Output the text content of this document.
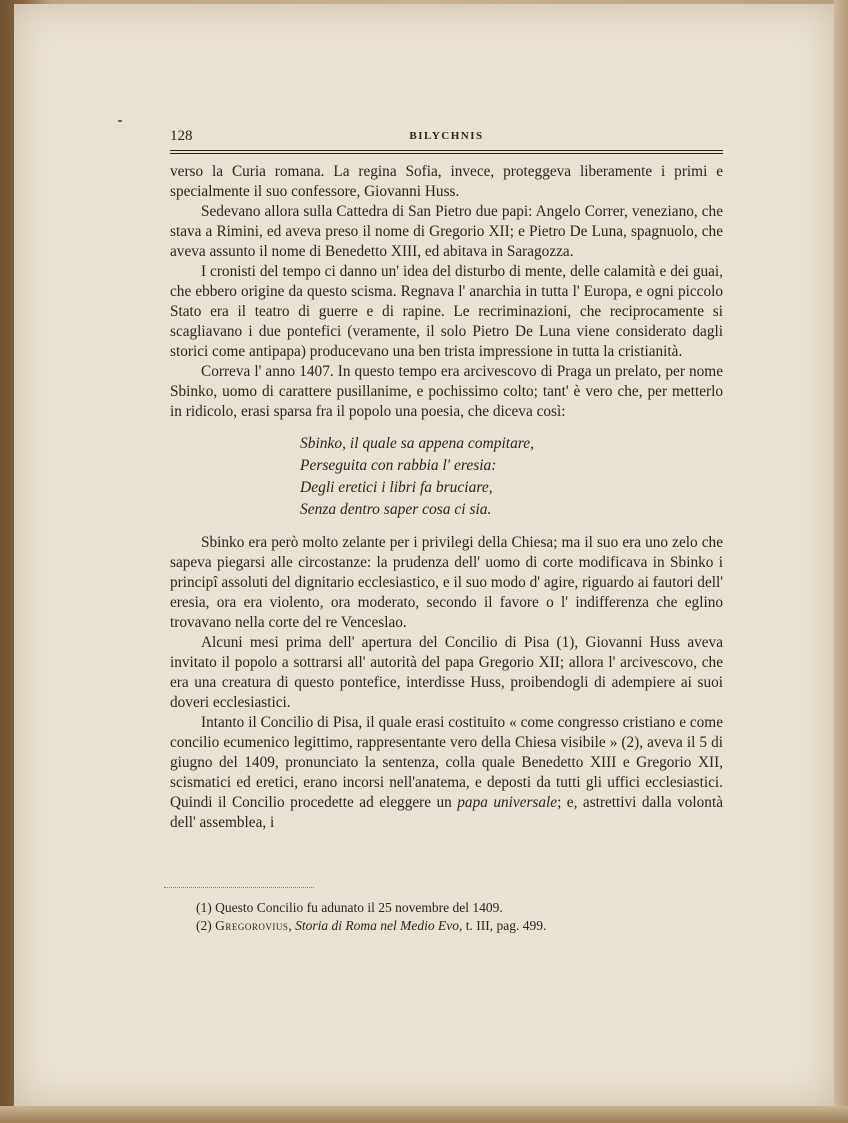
128	BILYCHNIS

verso la Curia romana. La regina Sofia, invece, proteggeva liberamente i primi e specialmente il suo confessore, Giovanni Huss.

Sedevano allora sulla Cattedra di San Pietro due papi: Angelo Correr, veneziano, che stava a Rimini, ed aveva preso il nome di Gregorio XII; e Pietro De Luna, spagnuolo, che aveva assunto il nome di Benedetto XIII, ed abitava in Saragozza.

I cronisti del tempo ci danno un' idea del disturbo di mente, delle calamità e dei guai, che ebbero origine da questo scisma. Regnava l' anarchia in tutta l' Europa, e ogni piccolo Stato era il teatro di guerre e di rapine. Le recriminazioni, che reciprocamente si scagliavano i due pontefici (veramente, il solo Pietro De Luna viene considerato dagli storici come antipapa) producevano una ben trista impressione in tutta la cristianità.

Correva l' anno 1407. In questo tempo era arcivescovo di Praga un prelato, per nome Sbinko, uomo di carattere pusillanime, e pochissimo colto; tant' è vero che, per metterlo in ridicolo, erasi sparsa fra il popolo una poesia, che diceva così:

Sbinko, il quale sa appena compitare,
Perseguita con rabbia l' eresia:
Degli eretici i libri fa bruciare,
Senza dentro saper cosa ci sia.

Sbinko era però molto zelante per i privilegi della Chiesa; ma il suo era uno zelo che sapeva piegarsi alle circostanze: la prudenza dell' uomo di corte modificava in Sbinko i principî assoluti del dignitario ecclesiastico, e il suo modo d' agire, riguardo ai fautori dell' eresia, ora era violento, ora moderato, secondo il favore o l' indifferenza che eglino trovavano nella corte del re Venceslao.

Alcuni mesi prima dell' apertura del Concilio di Pisa (1), Giovanni Huss aveva invitato il popolo a sottrarsi all' autorità del papa Gregorio XII; allora l' arcivescovo, che era una creatura di questo pontefice, interdisse Huss, proibendogli di adempiere ai suoi doveri ecclesiastici.

Intanto il Concilio di Pisa, il quale erasi costituito « come congresso cristiano e come concilio ecumenico legittimo, rappresentante vero della Chiesa visibile » (2), aveva il 5 di giugno del 1409, pronunciato la sentenza, colla quale Benedetto XIII e Gregorio XII, scismatici ed eretici, erano incorsi nell'anatema, e deposti da tutti gli uffici ecclesiastici. Quindi il Concilio procedette ad eleggere un papa universale; e, astrettivi dalla volontà dell' assemblea, i

(1) Questo Concilio fu adunato il 25 novembre del 1409.
(2) Gregorovius, Storia di Roma nel Medio Evo, t. III, pag. 499.
